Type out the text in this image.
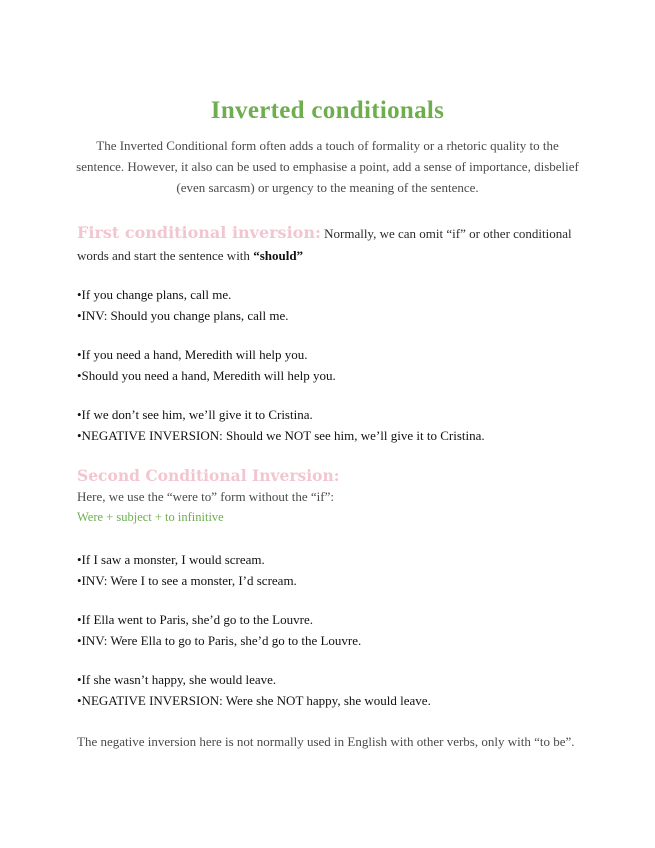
Inverted conditionals
The Inverted Conditional form often adds a touch of formality or a rhetoric quality to the sentence. However, it also can be used to emphasise a point, add a sense of importance, disbelief (even sarcasm) or urgency to the meaning of the sentence.
First conditional inversion: Normally, we can omit “if” or other conditional words and start the sentence with “should”
•If you change plans, call me.
•INV: Should you change plans, call me.
•If you need a hand, Meredith will help you.
•Should you need a hand, Meredith will help you.
•If we don’t see him, we’ll give it to Cristina.
•NEGATIVE INVERSION: Should we NOT see him, we’ll give it to Cristina.
Second Conditional Inversion:
Here, we use the “were to” form without the “if”:
Were + subject + to infinitive
•If I saw a monster, I would scream.
•INV: Were I to see a monster, I’d scream.
•If Ella went to Paris, she’d go to the Louvre.
•INV: Were Ella to go to Paris, she’d go to the Louvre.
•If she wasn’t happy, she would leave.
•NEGATIVE INVERSION: Were she NOT happy, she would leave.
The negative inversion here is not normally used in English with other verbs, only with “to be”.
